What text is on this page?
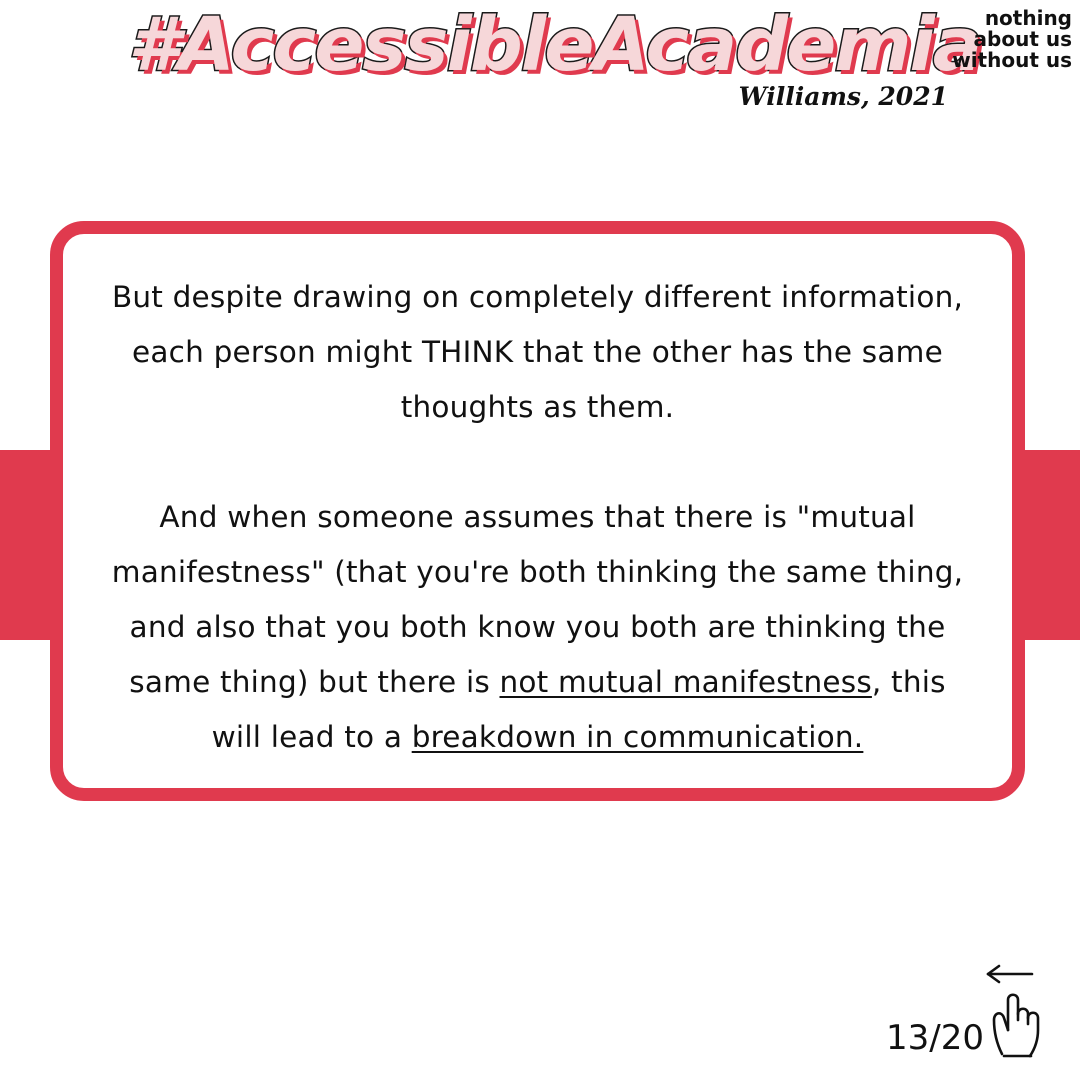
#AccessibleAcademia nothing
about us
without us
Williams, 2021

But despite drawing on completely different information, each person might THINK that the other has the same thoughts as them.

And when someone assumes that there is "mutual manifestness" (that you're both thinking the same thing, and also that you both know you both are thinking the same thing) but there is not mutual manifestness, this will lead to a breakdown in communication.

13/20
